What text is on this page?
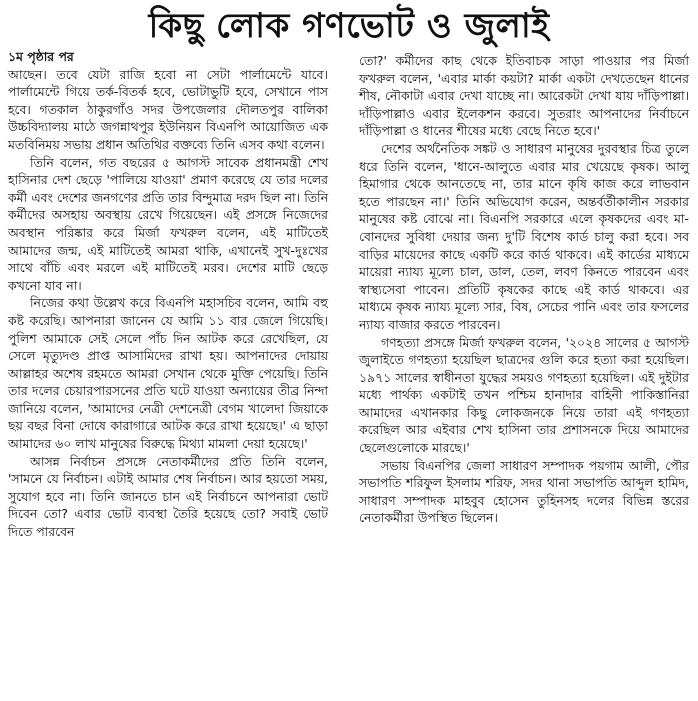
কিছু লোক গণভোট ও জুলাই
১ম পৃষ্ঠার পর

আছেন। তবে যেটা রাজি হবো না সেটা পার্লামেন্টে যাবে। পার্লামেন্টে গিয়ে তর্ক-বিতর্ক হবে, ভোটাভুটি হবে, সেখানে পাস হবে। গতকাল ঠাকুরগাঁও সদর উপজেলার দৌলতপুর বালিকা উচ্চবিদ্যালয় মাঠে জগন্নাথপুর ইউনিয়ন বিএনপি আয়োজিত এক মতবিনিময় সভায় প্রধান অতিথির বক্তব্যে তিনি এসব কথা বলেন।

তিনি বলেন, গত বছরের ৫ আগস্ট সাবেক প্রধানমন্ত্রী শেখ হাসিনার দেশ ছেড়ে 'পালিয়ে যাওয়া' প্রমাণ করেছে যে তার দলের কর্মী এবং দেশের জনগণের প্রতি তার বিন্দুমাত্র দরদ ছিল না। তিনি কর্মীদের অসহায় অবস্থায় রেখে গিয়েছেন। এই প্রসঙ্গে নিজেদের অবস্থান পরিষ্কার করে মির্জা ফখরুল বলেন, এই মাটিতেই আমাদের জন্ম, এই মাটিতেই আমরা থাকি, এখানেই সুখ-দুঃখের সাথে বাঁচি এবং মরলে এই মাটিতেই মরব। দেশের মাটি ছেড়ে কখনো যাব না।

নিজের কথা উল্লেখ করে বিএনপি মহাসচিব বলেন, আমি বহু কষ্ট করেছি। আপনারা জানেন যে আমি ১১ বার জেলে গিয়েছি। পুলিশ আমাকে সেই সেলে পাঁচ দিন আটক করে রেখেছিল, যে সেলে মৃত্যুদণ্ড প্রাপ্ত আসামিদের রাখা হয়। আপনাদের দোয়ায় আল্লাহর অশেষ রহমতে আমরা সেখান থেকে মুক্তি পেয়েছি। তিনি তার দলের চেয়ারপারসনের প্রতি ঘটে যাওয়া অন্যায়ের তীব্র নিন্দা জানিয়ে বলেন, 'আমাদের নেত্রী দেশনেত্রী বেগম খালেদা জিয়াকে ছয় বছর বিনা দোষে কারাগারে আটক করে রাখা হয়েছে।' এ ছাড়া আমাদের ৬০ লাখ মানুষের বিরুদ্ধে মিথ্যা মামলা দেয়া হয়েছে।'

আসন্ন নির্বাচন প্রসঙ্গে নেতাকর্মীদের প্রতি তিনি বলেন, 'সামনে যে নির্বাচন। এটাই আমার শেষ নির্বাচন। আর হয়তো সময়, সুযোগ হবে না। তিনি জানতে চান এই নির্বাচনে আপনারা ভোট দিবেন তো? এবার ভোট ব্যবস্থা তৈরি হয়েছে তো? সবাই ভোট দিতে পারবেন

তো?' কর্মীদের কাছ থেকে ইতিবাচক সাড়া পাওয়ার পর মির্জা ফখরুল বলেন, 'এবার মার্কা কয়টা? মার্কা একটা দেখতেছেন ধানের শীষ, নৌকাটা এবার দেখা যাচ্ছে না। আরেকটা দেখা যায় দাঁড়িপাল্লা। দাঁড়িপাল্লাও এবার ইলেকশন করবে। সুতরাং আপনাদের নির্বাচনে দাঁড়িপাল্লা ও ধানের শীষের মধ্যে বেছে নিতে হবে।'

দেশের অর্থনৈতিক সঙ্কট ও সাধারণ মানুষের দুরবস্থার চিত্র তুলে ধরে তিনি বলেন, 'ধানে-আলুতে এবার মার খেয়েছে কৃষক। আলু হিমাগার থেকে আনতেছে না, তার মানে কৃষি কাজ করে লাভবান হতে পারছেন না।' তিনি অভিযোগ করেন, অন্তর্বর্তীকালীন সরকার মানুষের কষ্ট বোঝে না। বিএনপি সরকারে এলে কৃষকদের এবং মা-বোনদের সুবিধা দেয়ার জন্য দু'টি বিশেষ কার্ড চালু করা হবে। সব বাড়ির মায়েদের কাছে একটি করে কার্ড থাকবে। এই কার্ডের মাধ্যমে মায়েরা ন্যায্য মূল্যে চাল, ডাল, তেল, লবণ কিনতে পারবেন এবং স্বাস্থ্যসেবা পাবেন। প্রতিটি কৃষকের কাছে এই কার্ড থাকবে। এর মাধ্যমে কৃষক ন্যায্য মূল্যে সার, বিষ, সেচের পানি এবং তার ফসলের ন্যায্য বাজার করতে পারবেন।

গণহত্যা প্রসঙ্গে মির্জা ফখরুল বলেন, '২০২৪ সালের ৫ আগস্ট জুলাইতে গণহত্যা হয়েছিল ছাত্রদের গুলি করে হত্যা করা হয়েছিল। ১৯৭১ সালের স্বাধীনতা যুদ্ধের সময়ও গণহত্যা হয়েছিল। এই দুইটার মধ্যে পার্থক্য একটাই তখন পশ্চিম হানাদার বাহিনী পাকিস্তানিরা আমাদের এখানকার কিছু লোকজনকে নিয়ে তারা এই গণহত্যা করেছিল আর এইবার শেখ হাসিনা তার প্রশাসনকে দিয়ে আমাদের ছেলেগুলোকে মারছে।'

সভায় বিএনপির জেলা সাধারণ সম্পাদক পয়গাম আলী, পৌর সভাপতি শরিফুল ইসলাম শরিফ, সদর থানা সভাপতি আব্দুল হামিদ, সাধারণ সম্পাদক মাহবুব হোসেন তুহিনসহ দলের বিভিন্ন স্তরের নেতাকর্মীরা উপস্থিত ছিলেন।
